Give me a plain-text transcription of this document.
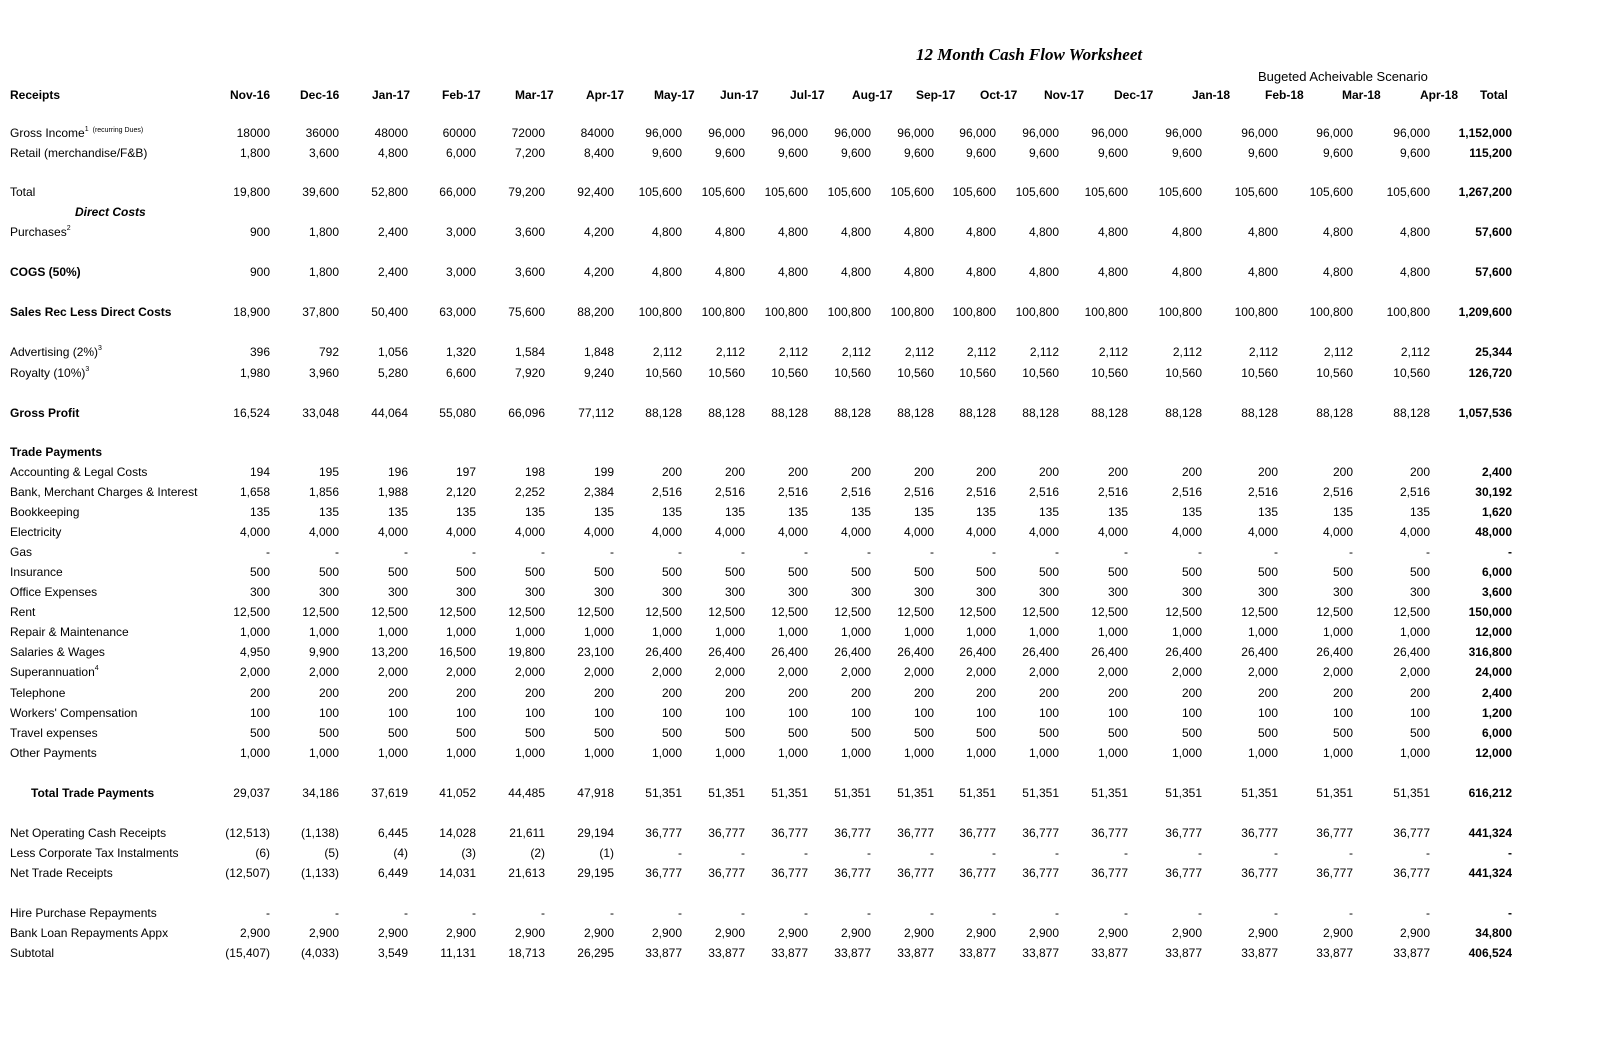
12 Month Cash Flow Worksheet
Bugeted Acheivable Scenario
Receipts	Nov-16 Dec-16	Jan-17	Feb-17	Mar-17	Apr-17 May-17 Jun-17	Jul-17 Aug-17 Sep-17 Oct-17 Nov-17 Dec-17	Jan-18	Feb-18	Mar-18	Apr-18 Total
Direct Costs
Gross Income$^1$ $^{(recurring Dues)}$	18000	36000	48000	60000	72000	84000	96,000	96,000	96,000	96,000	96,000	96,000	96,000	96,000	96,000	96,000	96,000	96,000	1,152,000
Retail (merchandise/F&B)	1,800	3,600	4,800	6,000	7,200	8,400	9,600	9,600	9,600	9,600	9,600	9,600	9,600	9,600	9,600	9,600	9,600	9,600	115,200
Total	19,800	39,600	52,800	66,000	79,200	92,400	105,600	105,600	105,600	105,600	105,600	105,600	105,600	105,600	105,600	105,600	105,600	105,600	1,267,200
Purchases$^2$	900	1,800	2,400	3,000	3,600	4,200	4,800	4,800	4,800	4,800	4,800	4,800	4,800	4,800	4,800	4,800	4,800	4,800	57,600
COGS (50%)	900	1,800	2,400	3,000	3,600	4,200	4,800	4,800	4,800	4,800	4,800	4,800	4,800	4,800	4,800	4,800	4,800	4,800	57,600
Sales Rec Less Direct Costs	18,900	37,800	50,400	63,000	75,600	88,200	100,800	100,800	100,800	100,800	100,800	100,800	100,800	100,800	100,800	100,800	100,800	100,800	1,209,600
Advertising $(2\%)^3$	396	792	1,056	1,320	1,584	1,848	2,112	2,112	2,112	2,112	2,112	2,112	2,112	2,112	2,112	2,112	2,112	2,112	25,344
Royalty $(10\%)^3$	1,980	3,960	5,280	6,600	7,920	9,240	10,560	10,560	10,560	10,560	10,560	10,560	10,560	10,560	10,560	10,560	10,560	10,560	126,720
Gross Profit	16,524	33,048	44,064	55,080	66,096	77,112	88,128	88,128	88,128	88,128	88,128	88,128	88,128	88,128	88,128	88,128	88,128	88,128	1,057,536
Trade Payments
Accounting & Legal Costs	194	195	196	197	198	199	200	200	200	200	200	200	200	200	200	200	200	200	2,400
Bank, Merchant Charges & Interest	1,658	1,856	1,988	2,120	2,252	2,384	2,516	2,516	2,516	2,516	2,516	2,516	2,516	2,516	2,516	2,516	2,516	2,516	30,192
Bookkeeping	135	135	135	135	135	135	135	135	135	135	135	135	135	135	135	135	135	135	1,620
Electricity	4,000	4,000	4,000	4,000	4,000	4,000	4,000	4,000	4,000	4,000	4,000	4,000	4,000	4,000	4,000	4,000	4,000	4,000	48,000
Gas	-	-	-	-	-	-	-	-	-	-	-	-	-	-	-	-	-	-	-
Insurance	500	500	500	500	500	500	500	500	500	500	500	500	500	500	500	500	500	500	6,000
Office Expenses	300	300	300	300	300	300	300	300	300	300	300	300	300	300	300	300	300	300	3,600
Rent	12,500	12,500	12,500	12,500	12,500	12,500	12,500	12,500	12,500	12,500	12,500	12,500	12,500	12,500	12,500	12,500	12,500	12,500	150,000
Repair & Maintenance	1,000	1,000	1,000	1,000	1,000	1,000	1,000	1,000	1,000	1,000	1,000	1,000	1,000	1,000	1,000	1,000	1,000	1,000	12,000
Salaries & Wages	4,950	9,900	13,200	16,500	19,800	23,100	26,400	26,400	26,400	26,400	26,400	26,400	26,400	26,400	26,400	26,400	26,400	26,400	316,800
Superannuation$^4$	2,000	2,000	2,000	2,000	2,000	2,000	2,000	2,000	2,000	2,000	2,000	2,000	2,000	2,000	2,000	2,000	2,000	2,000	24,000
Telephone	200	200	200	200	200	200	200	200	200	200	200	200	200	200	200	200	200	200	2,400
Workers' Compensation	100	100	100	100	100	100	100	100	100	100	100	100	100	100	100	100	100	100	1,200
Travel expenses	500	500	500	500	500	500	500	500	500	500	500	500	500	500	500	500	500	500	6,000
Other Payments	1,000	1,000	1,000	1,000	1,000	1,000	1,000	1,000	1,000	1,000	1,000	1,000	1,000	1,000	1,000	1,000	1,000	1,000	12,000
Total Trade Payments	29,037	34,186	37,619	41,052	44,485	47,918	51,351	51,351	51,351	51,351	51,351	51,351	51,351	51,351	51,351	51,351	51,351	51,351	616,212
Net Operating Cash Receipts	(12,513)	(1,138)	6,445	14,028	21,611	29,194	36,777	36,777	36,777	36,777	36,777	36,777	36,777	36,777	36,777	36,777	36,777	36,777	441,324
Less Corporate Tax Instalments	(6)	(5)	(4)	(3)	(2)	(1)	-	-	-	-	-	-	-	-	-	-	-	-	-
Net Trade Receipts	(12,507)	(1,133)	6,449	14,031	21,613	29,195	36,777	36,777	36,777	36,777	36,777	36,777	36,777	36,777	36,777	36,777	36,777	36,777	441,324
Hire Purchase Repayments	-	-	-	-	-	-	-	-	-	-	-	-	-	-	-	-	-	-	-
Bank Loan Repayments Appx	2,900	2,900	2,900	2,900	2,900	2,900	2,900	2,900	2,900	2,900	2,900	2,900	2,900	2,900	2,900	2,900	2,900	2,900	34,800
Subtotal	(15,407)	(4,033)	3,549	11,131	18,713	26,295	33,877	33,877	33,877	33,877	33,877	33,877	33,877	33,877	33,877	33,877	33,877	33,877	406,524
